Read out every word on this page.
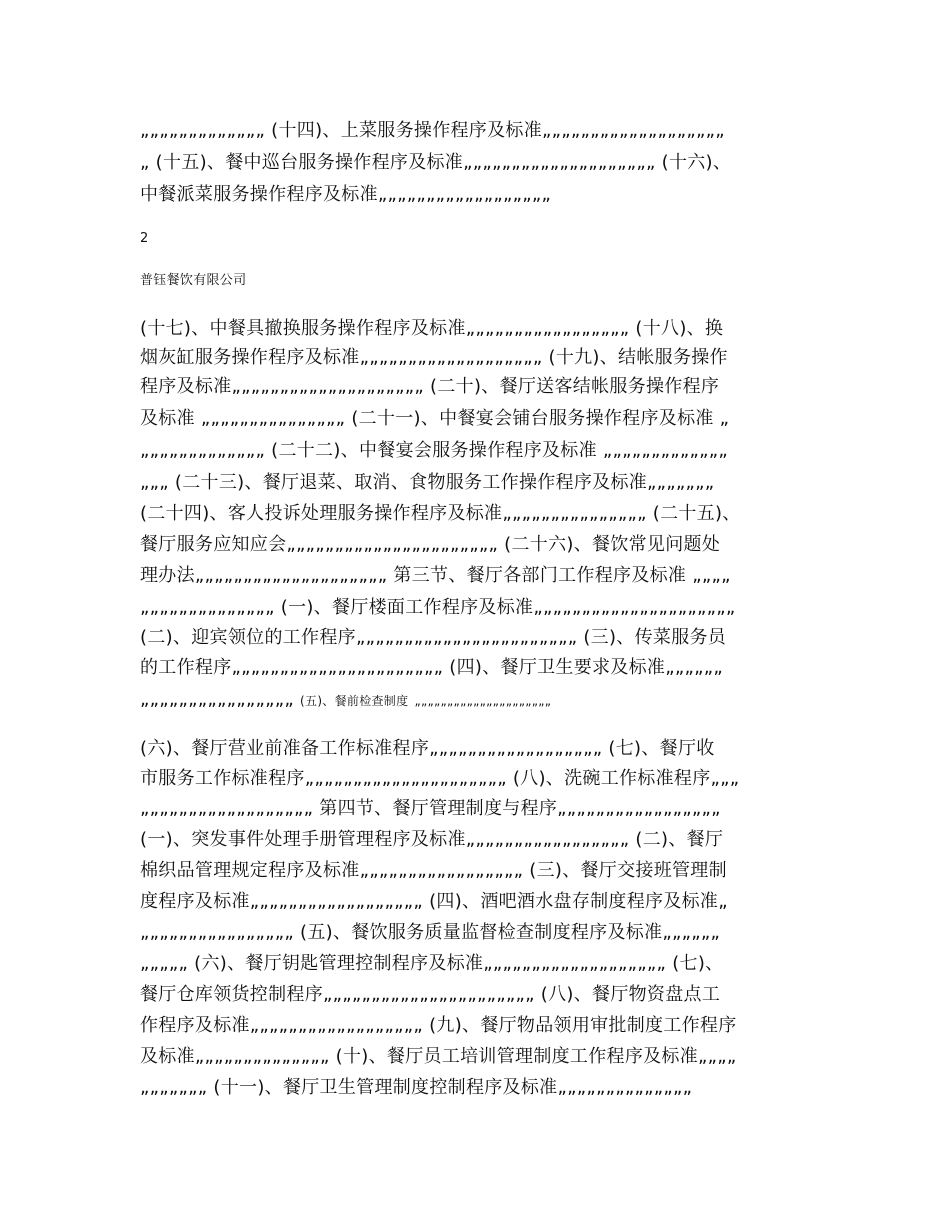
„„„„„„„„„„„„„ (十四)、上菜服务操作程序及标准„„„„„„„„„„„„„„„„„„„
„ (十五)、餐中巡台服务操作程序及标准„„„„„„„„„„„„„„„„„„„„ (十六)、
中餐派菜服务操作程序及标准„„„„„„„„„„„„„„„„„„
2
普钰餐饮有限公司
(十七)、中餐具撤换服务操作程序及标准„„„„„„„„„„„„„„„„„ (十八)、换
烟灰缸服务操作程序及标准„„„„„„„„„„„„„„„„„„„ (十九)、结帐服务操作
程序及标准„„„„„„„„„„„„„„„„„„„„ (二十)、餐厅送客结帐服务操作程序
及标准 „„„„„„„„„„„„„„„ (二十一)、中餐宴会铺台服务操作程序及标准 „
„„„„„„„„„„„„„ (二十二)、中餐宴会服务操作程序及标准 „„„„„„„„„„„„„
„„„ (二十三)、餐厅退菜、取消、食物服务工作操作程序及标准„„„„„„„
(二十四)、客人投诉处理服务操作程序及标准„„„„„„„„„„„„„„„ (二十五)、
餐厅服务应知应会„„„„„„„„„„„„„„„„„„„„„„ (二十六)、餐饮常见问题处
理办法„„„„„„„„„„„„„„„„„„„„ 第三节、餐厅各部门工作程序及标准 „„„„
„„„„„„„„„„„„„„ (一)、餐厅楼面工作程序及标准„„„„„„„„„„„„„„„„„„„„„
(二)、迎宾领位的工作程序„„„„„„„„„„„„„„„„„„„„„„„ (三)、传菜服务员
的工作程序„„„„„„„„„„„„„„„„„„„„„„ (四)、餐厅卫生要求及标准„„„„„„
„„„„„„„„„„„„„„„„ (五)、餐前检查制度 „„„„„„„„„„„„„„„„„„„„„
(六)、餐厅营业前准备工作标准程序„„„„„„„„„„„„„„„„„„ (七)、餐厅收
市服务工作标准程序„„„„„„„„„„„„„„„„„„„„„ (八)、洗碗工作标准程序„„„
„„„„„„„„„„„„„„„„„„ 第四节、餐厅管理制度与程序„„„„„„„„„„„„„„„„„
(一)、突发事件处理手册管理程序及标准„„„„„„„„„„„„„„„„„ (二)、餐厅
棉织品管理规定程序及标准„„„„„„„„„„„„„„„„„ (三)、餐厅交接班管理制
度程序及标准„„„„„„„„„„„„„„„„„„ (四)、酒吧酒水盘存制度程序及标准„
„„„„„„„„„„„„„„„„ (五)、餐饮服务质量监督检查制度程序及标准„„„„„„
„„„„„ (六)、餐厅钥匙管理控制程序及标准„„„„„„„„„„„„„„„„„„„ (七)、
餐厅仓库领货控制程序„„„„„„„„„„„„„„„„„„„„„„ (八)、餐厅物资盘点工
作程序及标准„„„„„„„„„„„„„„„„„„ (九)、餐厅物品领用审批制度工作程序
及标准„„„„„„„„„„„„„„ (十)、餐厅员工培训管理制度工作程序及标准„„„„
„„„„„„„ (十一)、餐厅卫生管理制度控制程序及标准„„„„„„„„„„„„„„
